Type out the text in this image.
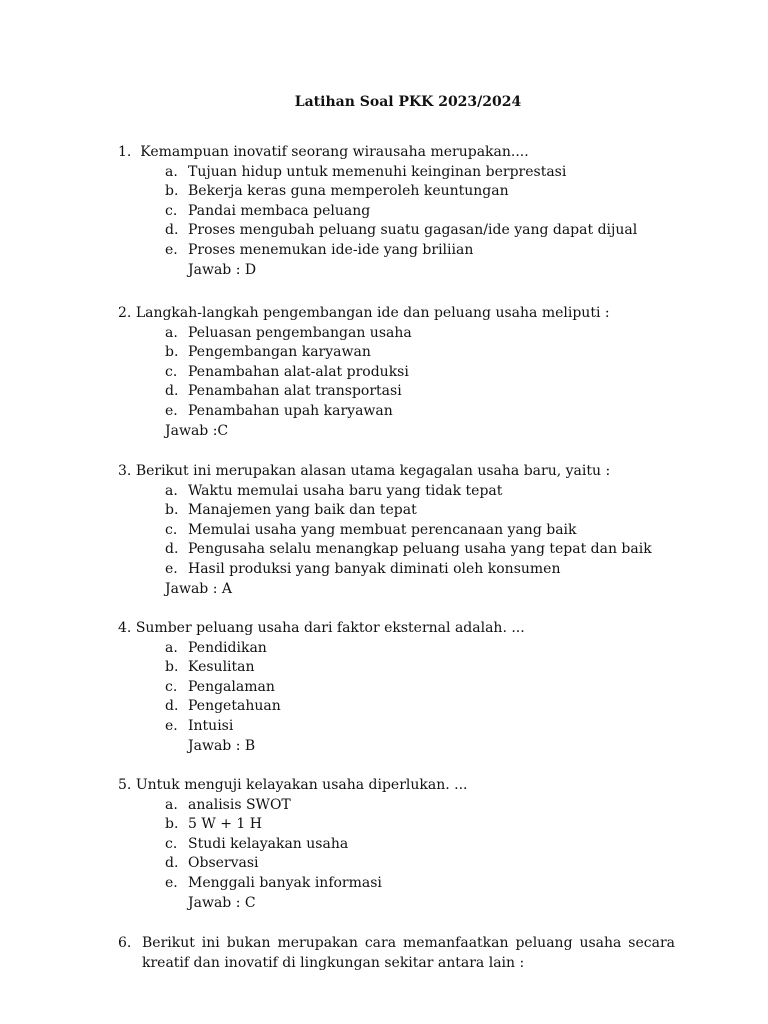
Latihan Soal PKK 2023/2024
1. Kemampuan inovatif seorang wirausaha merupakan....
a. Tujuan hidup untuk memenuhi keinginan berprestasi
b. Bekerja keras guna memperoleh keuntungan
c. Pandai membaca peluang
d. Proses mengubah peluang suatu gagasan/ide yang dapat dijual
e. Proses menemukan ide-ide yang briliian
Jawab : D
2. Langkah-langkah pengembangan ide dan peluang usaha meliputi :
a. Peluasan pengembangan usaha
b. Pengembangan karyawan
c. Penambahan alat-alat produksi
d. Penambahan alat transportasi
e. Penambahan upah karyawan
Jawab :C
3. Berikut ini merupakan alasan utama kegagalan usaha baru, yaitu :
a. Waktu memulai usaha baru yang tidak tepat
b. Manajemen yang baik dan tepat
c. Memulai usaha yang membuat perencanaan yang baik
d. Pengusaha selalu menangkap peluang usaha yang tepat dan baik
e. Hasil produksi yang banyak diminati oleh konsumen
Jawab : A
4. Sumber peluang usaha dari faktor eksternal adalah. ...
a. Pendidikan
b. Kesulitan
c. Pengalaman
d. Pengetahuan
e. Intuisi
Jawab : B
5. Untuk menguji kelayakan usaha diperlukan. ...
a. analisis SWOT
b. 5 W + 1 H
c. Studi kelayakan usaha
d. Observasi
e. Menggali banyak informasi
Jawab : C
6. Berikut ini bukan merupakan cara memanfaatkan peluang usaha secara kreatif dan inovatif di lingkungan sekitar antara lain :
